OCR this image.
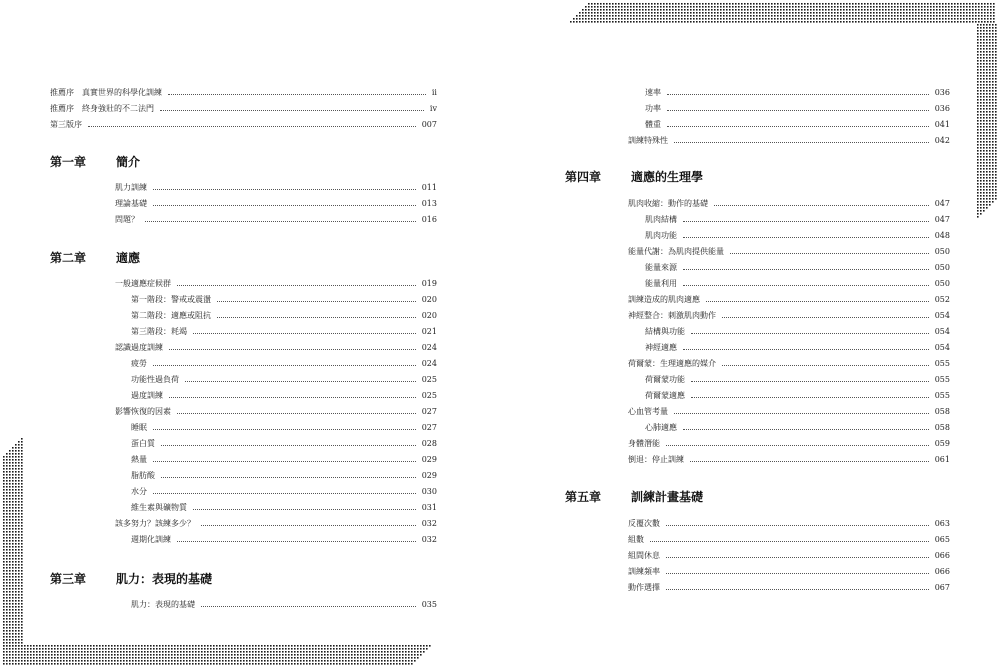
推薦序　真實世界的科學化訓練	ii
推薦序　終身強壯的不二法門	iv
第三版序	007
第一章 簡介
肌力訓練	011
理論基礎	013
問題？	016
第二章 適應
一般適應症候群	019
第一階段：警戒或震盪	020
第二階段：適應或阻抗	020
第三階段：耗竭	021
認識過度訓練	024
疲勞	024
功能性過負荷	025
過度訓練	025
影響恢復的因素	027
睡眠	027
蛋白質	028
熱量	029
脂肪酸	029
水分	030
維生素與礦物質	031
該多努力？該練多少？	032
週期化訓練	032
第三章 肌力：表現的基礎
肌力：表現的基礎	035
速率	036
功率	036
體重	041
訓練特殊性	042
第四章 適應的生理學
肌肉收縮：動作的基礎	047
肌肉結構	047
肌肉功能	048
能量代謝：為肌肉提供能量	050
能量來源	050
能量利用	050
訓練造成的肌肉適應	052
神經整合：刺激肌肉動作	054
結構與功能	054
神經適應	054
荷爾蒙：生理適應的媒介	055
荷爾蒙功能	055
荷爾蒙適應	055
心血管考量	058
心肺適應	058
身體潛能	059
倒退：停止訓練	061
第五章 訓練計畫基礎
反覆次數	063
組數	065
組間休息	066
訓練頻率	066
動作選擇	067
